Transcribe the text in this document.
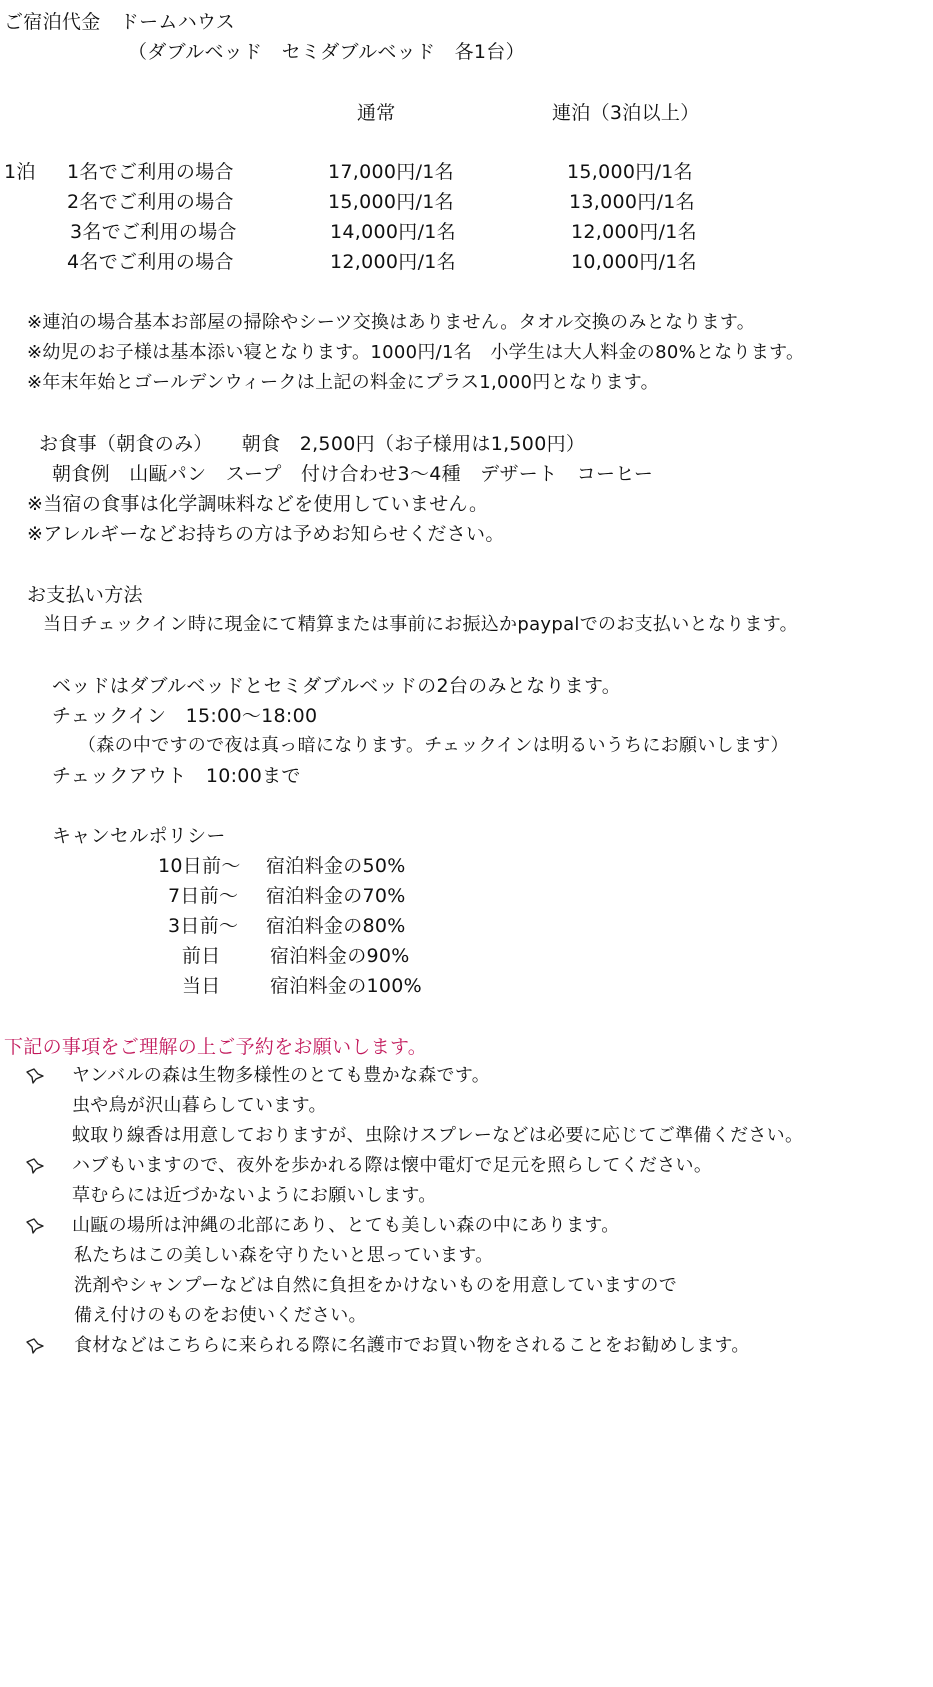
ご宿泊代金　ドームハウス
（ダブルベッド　セミダブルベッド　各1台）
通常	連泊（3泊以上）
1泊 1名でご利用の場合	17,000円/1名	15,000円/1名
2名でご利用の場合	15,000円/1名	13,000円/1名
3名でご利用の場合	14,000円/1名	12,000円/1名
4名でご利用の場合	12,000円/1名	10,000円/1名
※連泊の場合基本お部屋の掃除やシーツ交換はありません。タオル交換のみとなります。
※幼児のお子様は基本添い寝となります。1000円/1名　小学生は大人料金の80%となります。
※年末年始とゴールデンウィークは上記の料金にプラス1,000円となります。
お食事（朝食のみ）　　朝食　2,500円（お子様用は1,500円）
朝食例　山甌パン　スープ　付け合わせ3〜4種　デザート　コーヒー
※当宿の食事は化学調味料などを使用していません。
※アレルギーなどお持ちの方は予めお知らせください。
お支払い方法
当日チェックイン時に現金にて精算または事前にお振込かpaypalでのお支払いとなります。
ベッドはダブルベッドとセミダブルベッドの2台のみとなります。
チェックイン　15:00〜18:00
（森の中ですので夜は真っ暗になります。チェックインは明るいうちにお願いします）
チェックアウト　10:00まで
キャンセルポリシー
10日前〜 宿泊料金の50%
7日前〜 宿泊料金の70%
3日前〜 宿泊料金の80%
前日	宿泊料金の90%
当日	宿泊料金の100%
下記の事項をご理解の上ご予約をお願いします。
ヤンバルの森は生物多様性のとても豊かな森です。
虫や鳥が沢山暮らしています。
蚊取り線香は用意しておりますが、虫除けスプレーなどは必要に応じてご準備ください。
ハブもいますので、夜外を歩かれる際は懐中電灯で足元を照らしてください。
草むらには近づかないようにお願いします。
山甌の場所は沖縄の北部にあり、とても美しい森の中にあります。
私たちはこの美しい森を守りたいと思っています。
洗剤やシャンプーなどは自然に負担をかけないものを用意していますので
備え付けのものをお使いください。
食材などはこちらに来られる際に名護市でお買い物をされることをお勧めします。
